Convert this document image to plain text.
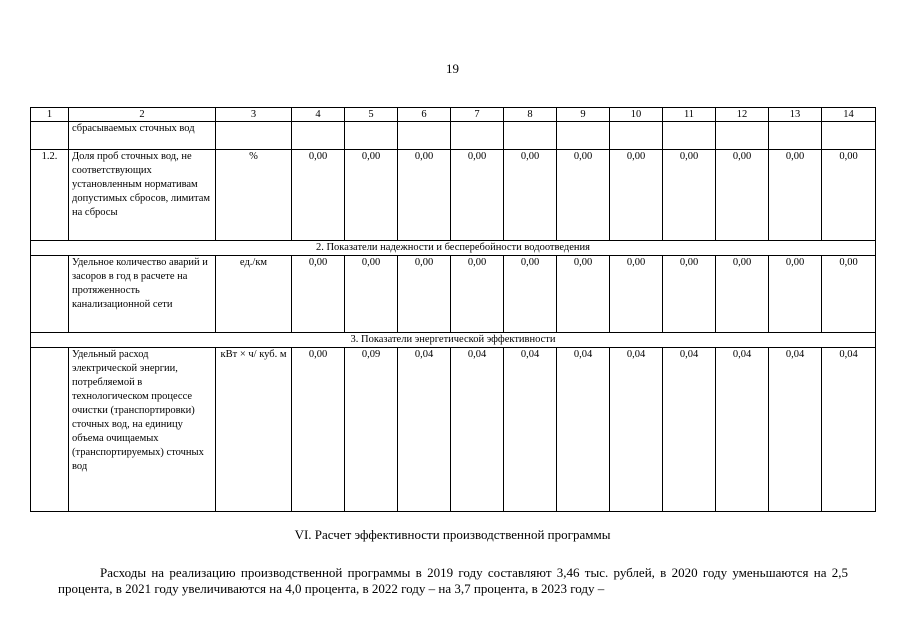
19
1	2	3	4	5	6	7	8	9	10	11	12	13	14
	сбрасываемых сточных вод												
1.2.	Доля проб сточных вод, не соответствующих установленным нормативам допустимых сбросов, лимитам на сбросы	%	0,00	0,00	0,00	0,00	0,00	0,00	0,00	0,00	0,00	0,00	0,00
2. Показатели надежности и бесперебойности водоотведения													
	Удельное количество аварий и засоров в год в расчете на протяженность канализационной сети	ед./км	0,00	0,00	0,00	0,00	0,00	0,00	0,00	0,00	0,00	0,00	0,00
3. Показатели энергетической эффективности													
	Удельный расход электрической энергии, потребляемой в технологическом процессе очистки (транспортировки) сточных вод, на единицу объема очищаемых (транспортируемых) сточных вод	кВт × ч/ куб. м	0,00	0,09	0,04	0,04	0,04	0,04	0,04	0,04	0,04	0,04	0,04
VI. Расчет эффективности производственной программы
Расходы на реализацию производственной программы в 2019 году составляют 3,46 тыс. рублей, в 2020 году уменьшаются на 2,5 процента, в 2021 году увеличиваются на 4,0 процента, в 2022 году – на 3,7 процента, в 2023 году –
